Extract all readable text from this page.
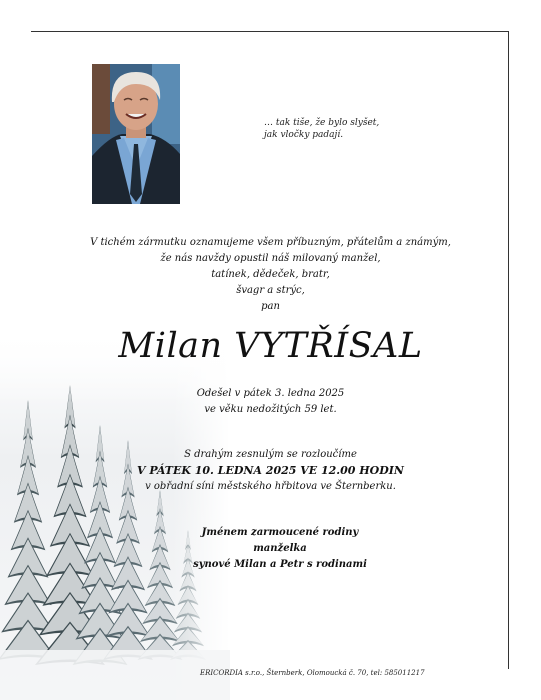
… tak tiše, že bylo slyšet,
jak vločky padají.
V tichém zármutku oznamujeme všem příbuzným, přátelům a známým,
že nás navždy opustil náš milovaný manžel,
tatínek, dědeček, bratr,
švagr a strýc,
pan
Milan VYTŘÍSAL
Odešel v pátek 3. ledna 2025
ve věku nedožitých 59 let.
S drahým zesnulým se rozloučíme
V PÁTEK 10. LEDNA 2025 VE 12.00 HODIN
v obřadní síni městského hřbitova ve Šternberku.
Jménem zarmoucené rodiny
manželka
synové Milan a Petr s rodinami
ERICORDIA s.r.o., Šternberk, Olomoucká č. 70, tel: 585011217
